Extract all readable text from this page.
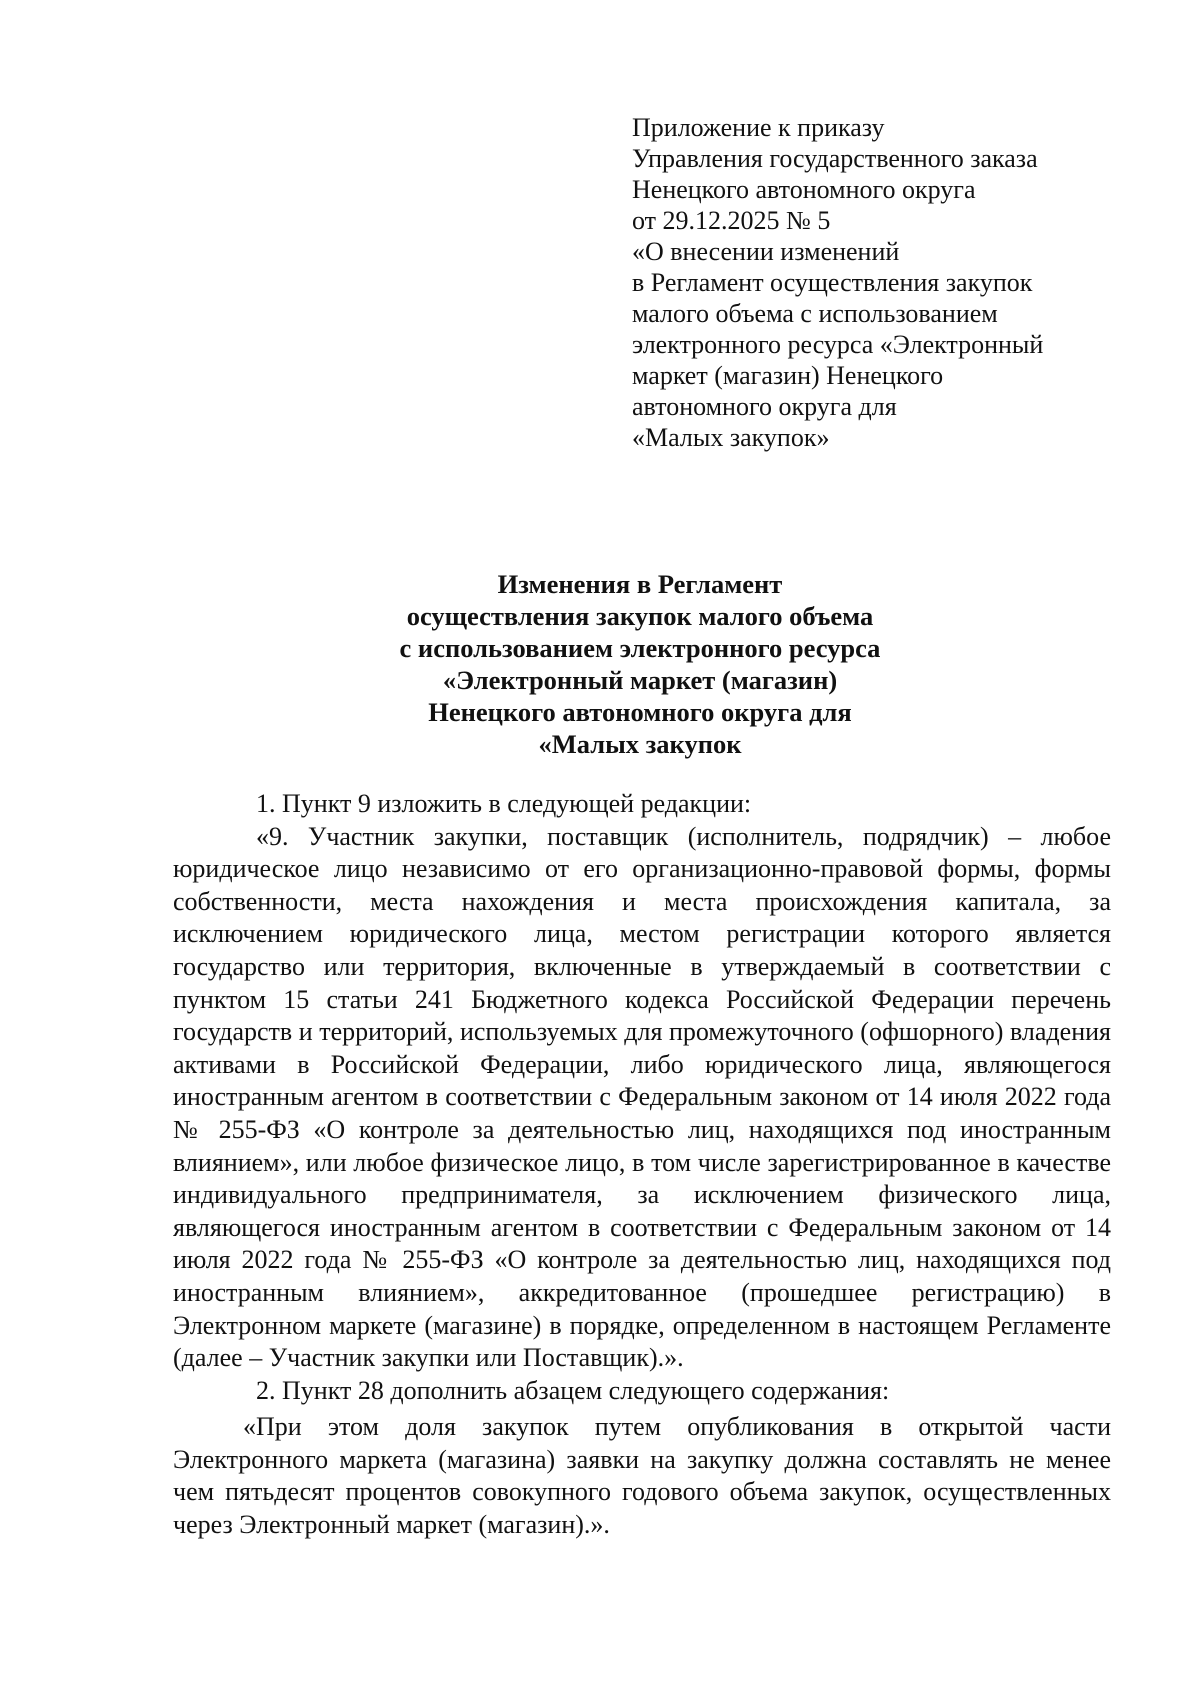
Приложение к приказу
Управления государственного заказа
Ненецкого автономного округа
от 29.12.2025 № 5
«О внесении изменений
в Регламент осуществления закупок
малого объема с использованием
электронного ресурса «Электронный
маркет (магазин) Ненецкого
автономного округа для
«Малых закупок»
Изменения в Регламент
осуществления закупок малого объема
с использованием электронного ресурса
«Электронный маркет (магазин)
Ненецкого автономного округа для
«Малых закупок

1. Пункт 9 изложить в следующей редакции:

«9. Участник закупки, поставщик (исполнитель, подрядчик) – любое юридическое лицо независимо от его организационно-правовой формы, формы собственности, места нахождения и места происхождения капитала, за исключением юридического лица, местом регистрации которого является государство или территория, включенные в утверждаемый в соответствии с пунктом 15 статьи 241 Бюджетного кодекса Российской Федерации перечень государств и территорий, используемых для промежуточного (офшорного) владения активами в Российской Федерации, либо юридического лица, являющегося иностранным агентом в соответствии с Федеральным законом от 14 июля 2022 года № 255-ФЗ «О контроле за деятельностью лиц, находящихся под иностранным влиянием», или любое физическое лицо, в том числе зарегистрированное в качестве индивидуального предпринимателя, за исключением физического лица, являющегося иностранным агентом в соответствии с Федеральным законом от 14 июля 2022 года № 255-ФЗ «О контроле за деятельностью лиц, находящихся под иностранным влиянием», аккредитованное (прошедшее регистрацию) в Электронном маркете (магазине) в порядке, определенном в настоящем Регламенте (далее – Участник закупки или Поставщик).».

2. Пункт 28 дополнить абзацем следующего содержания:

«При этом доля закупок путем опубликования в открытой части Электронного маркета (магазина) заявки на закупку должна составлять не менее чем пятьдесят процентов совокупного годового объема закупок, осуществленных через Электронный маркет (магазин).».
